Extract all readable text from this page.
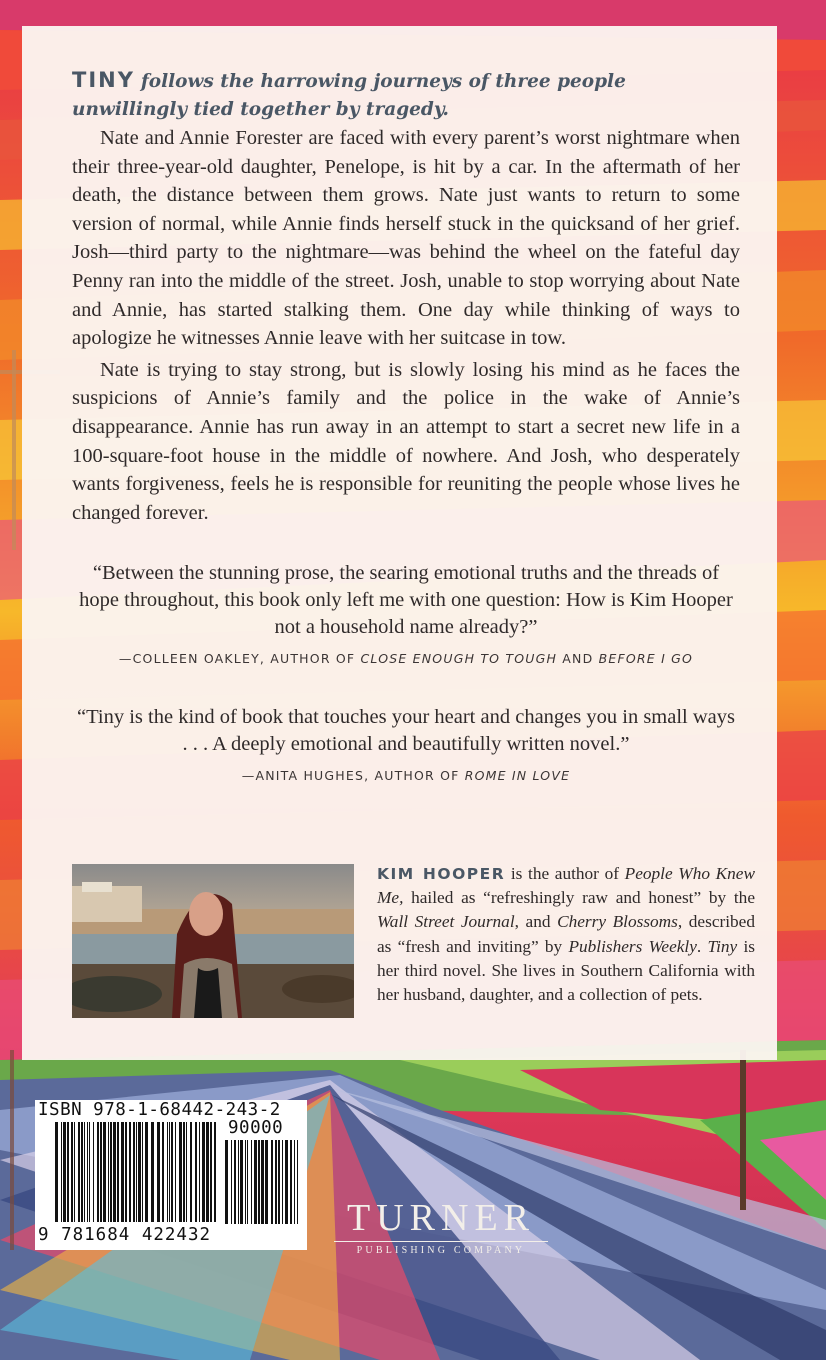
TINY follows the harrowing journeys of three people unwillingly tied together by tragedy.

Nate and Annie Forester are faced with every parent’s worst nightmare when their three-year-old daughter, Penelope, is hit by a car. In the aftermath of her death, the distance between them grows. Nate just wants to return to some version of normal, while Annie finds herself stuck in the quicksand of her grief. Josh—third party to the nightmare—was behind the wheel on the fateful day Penny ran into the middle of the street. Josh, unable to stop worrying about Nate and Annie, has started stalking them. One day while thinking of ways to apologize he witnesses Annie leave with her suitcase in tow.

Nate is trying to stay strong, but is slowly losing his mind as he faces the suspicions of Annie’s family and the police in the wake of Annie’s disappearance. Annie has run away in an attempt to start a secret new life in a 100-square-foot house in the middle of nowhere. And Josh, who desperately wants forgiveness, feels he is responsible for reuniting the people whose lives he changed forever.

“Between the stunning prose, the searing emotional truths and the threads of hope throughout, this book only left me with one question: How is Kim Hooper not a household name already?”
—COLLEEN OAKLEY, AUTHOR OF CLOSE ENOUGH TO TOUGH AND BEFORE I GO
“Tiny is the kind of book that touches your heart and changes you in small ways . . . A deeply emotional and beautifully written novel.”
—ANITA HUGHES, AUTHOR OF ROME IN LOVE
KIM HOOPER is the author of People Who Knew Me, hailed as “refreshingly raw and honest” by the Wall Street Journal, and Cherry Blossoms, described as “fresh and inviting” by Publishers Weekly. Tiny is her third novel. She lives in Southern California with her husband, daughter, and a collection of pets.
ISBN 978-1-68442-243-2
90000
9 781684 422432	TURNER
PUBLISHING COMPANY
